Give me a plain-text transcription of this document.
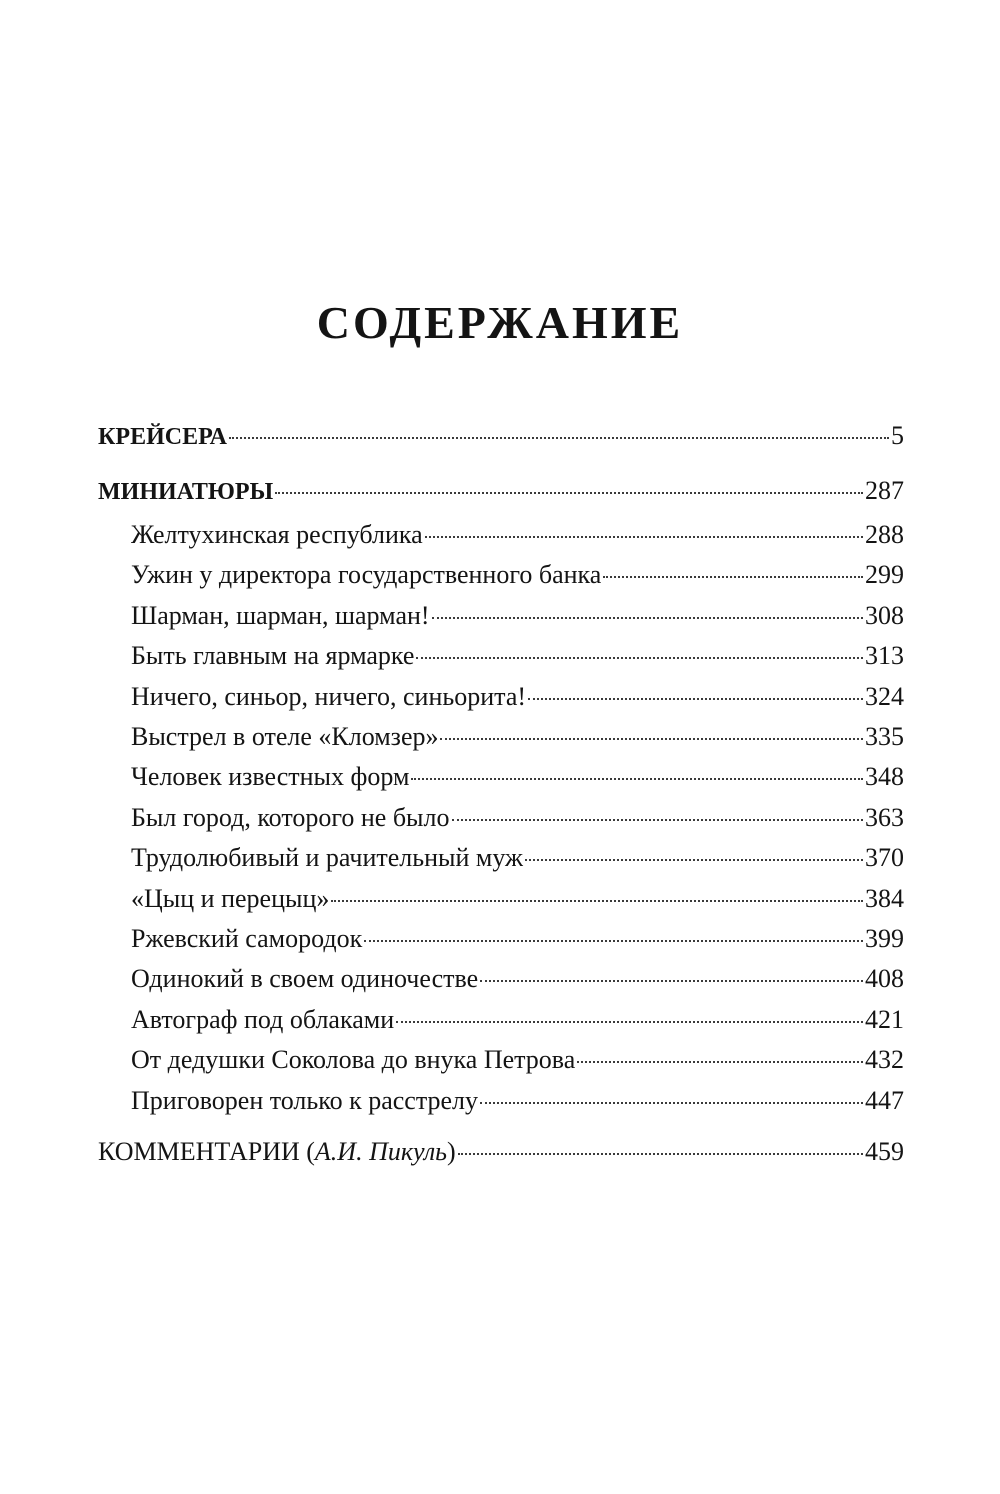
СОДЕРЖАНИЕ
КРЕЙСЕРА	5
МИНИАТЮРЫ	287
Желтухинская республика	288
Ужин у директора государственного банка	299
Шарман, шарман, шарман!	308
Быть главным на ярмарке	313
Ничего, синьор, ничего, синьорита!	324
Выстрел в отеле «Кломзер»	335
Человек известных форм	348
Был город, которого не было	363
Трудолюбивый и рачительный муж	370
«Цыц и перецыц»	384
Ржевский самородок	399
Одинокий в своем одиночестве	408
Автограф под облаками	421
От дедушки Соколова до внука Петрова	432
Приговорен только к расстрелу	447
КОММЕНТАРИИ (А.И. Пикуль)	459
